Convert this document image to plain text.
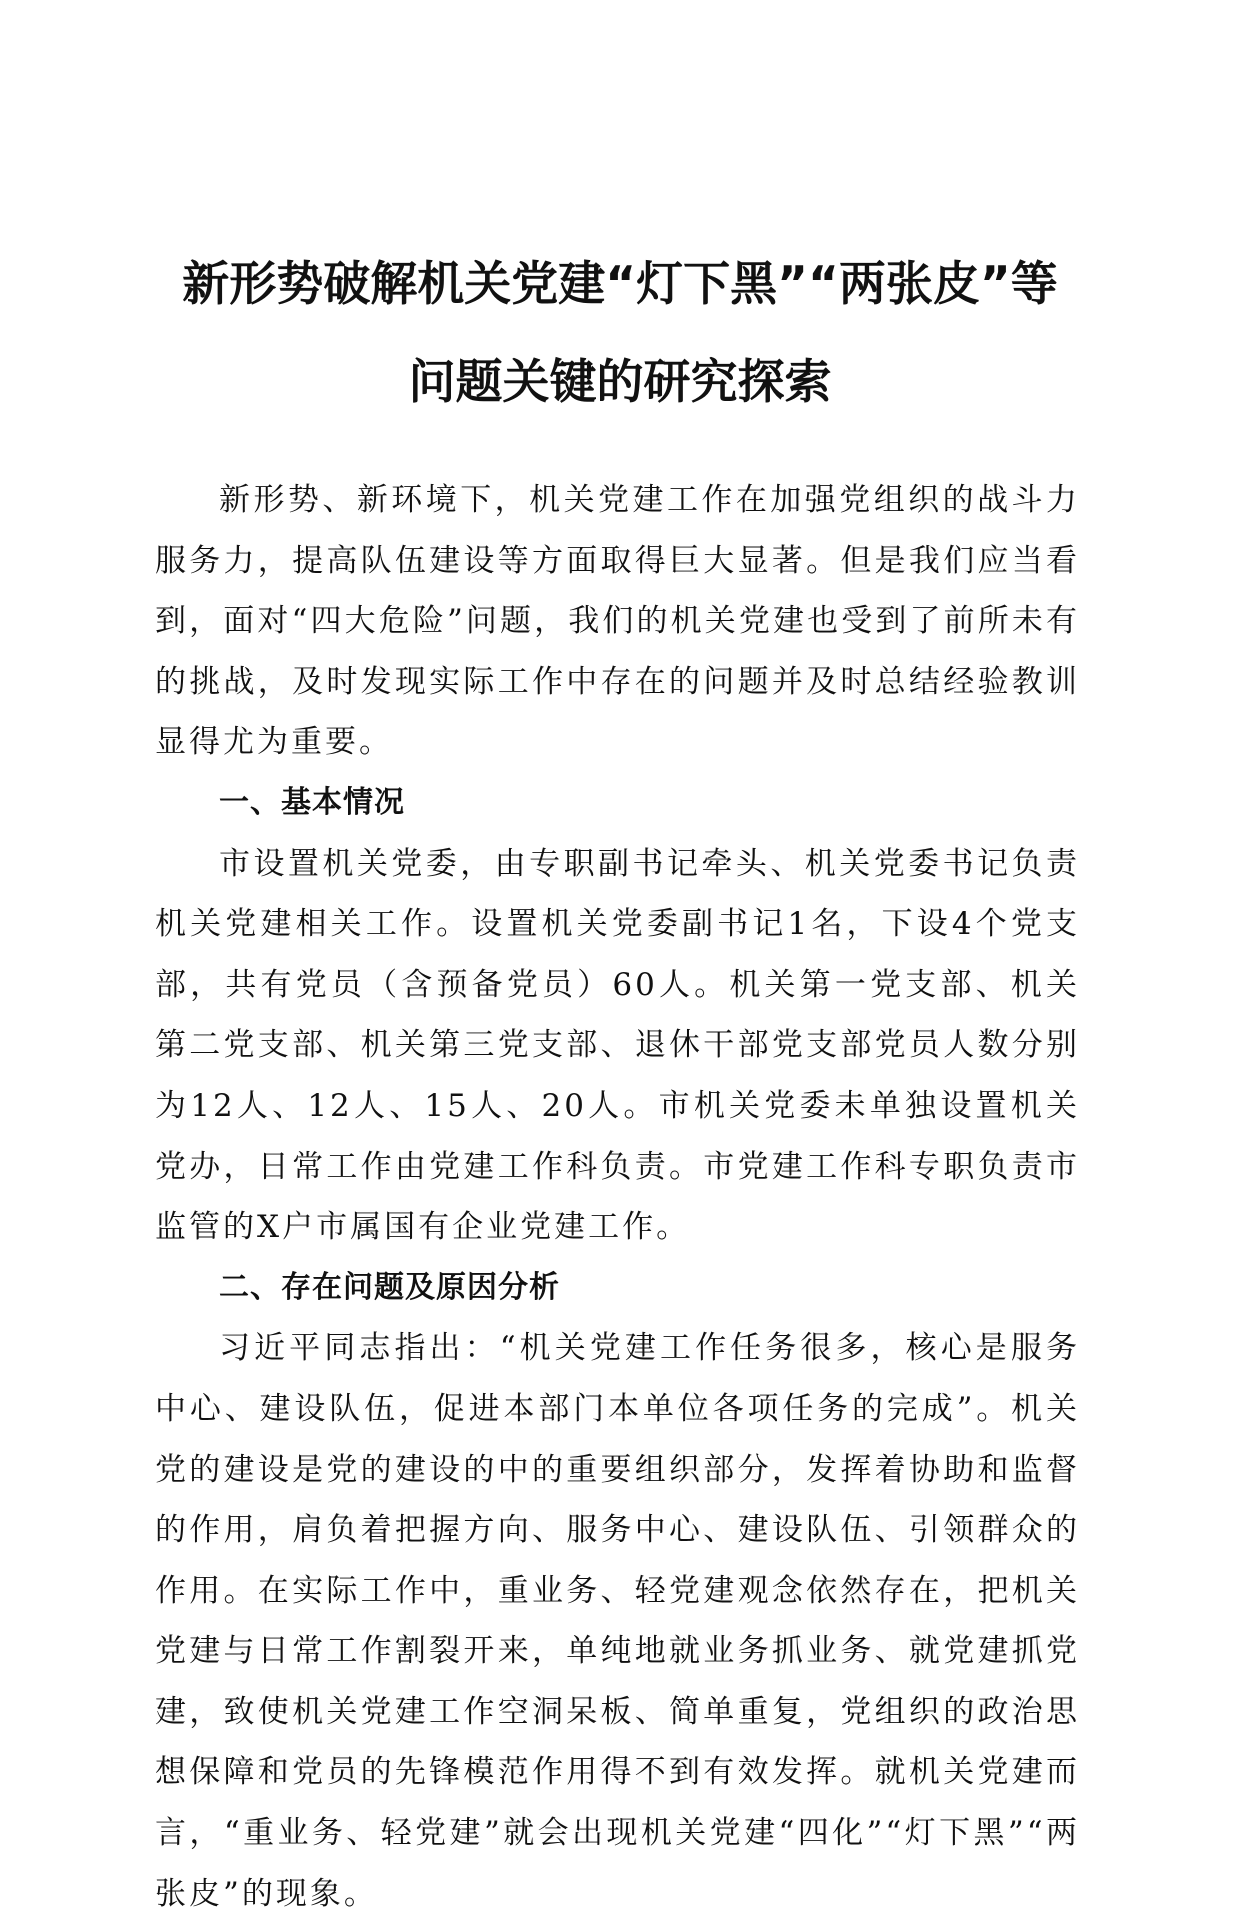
新形势破解机关党建“灯下黑”“两张皮”等
问题关键的研究探索

新形势、新环境下，机关党建工作在加强党组织的战斗力服务力，提高队伍建设等方面取得巨大显著。但是我们应当看到，面对“四大危险”问题，我们的机关党建也受到了前所未有的挑战，及时发现实际工作中存在的问题并及时总结经验教训显得尤为重要。

一、基本情况

市设置机关党委，由专职副书记牵头、机关党委书记负责机关党建相关工作。设置机关党委副书记1名，下设4个党支部，共有党员（含预备党员）60人。机关第一党支部、机关第二党支部、机关第三党支部、退休干部党支部党员人数分别为12人、12人、15人、20人。市机关党委未单独设置机关党办，日常工作由党建工作科负责。市党建工作科专职负责市监管的X户市属国有企业党建工作。

二、存在问题及原因分析

习近平同志指出：“机关党建工作任务很多，核心是服务中心、建设队伍，促进本部门本单位各项任务的完成”。机关党的建设是党的建设的中的重要组织部分，发挥着协助和监督的作用，肩负着把握方向、服务中心、建设队伍、引领群众的作用。在实际工作中，重业务、轻党建观念依然存在，把机关党建与日常工作割裂开来，单纯地就业务抓业务、就党建抓党建，致使机关党建工作空洞呆板、简单重复，党组织的政治思想保障和党员的先锋模范作用得不到有效发挥。就机关党建而言，“重业务、轻党建”就会出现机关党建“四化”“灯下黑”“两张皮”的现象。
